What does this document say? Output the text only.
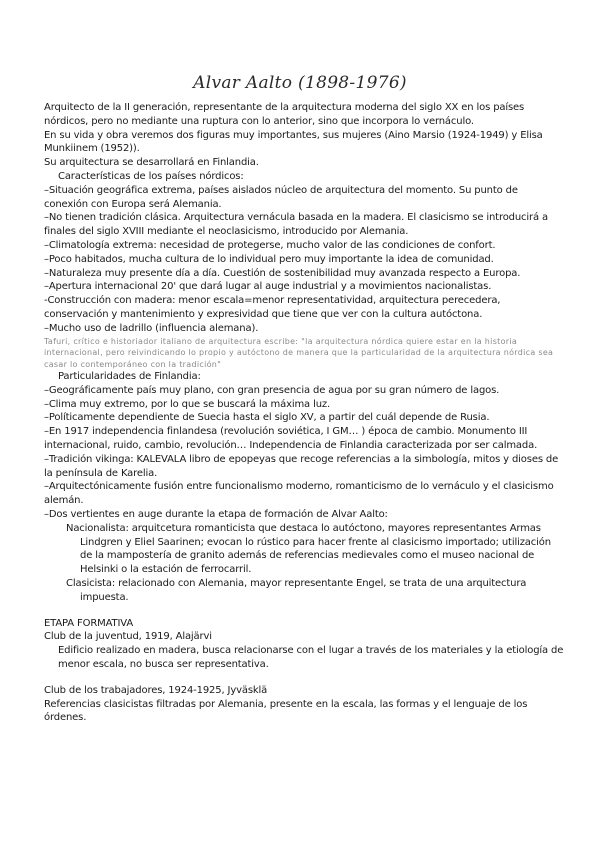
Alvar Aalto (1898-1976)

Arquitecto de la II generación, representante de la arquitectura moderna del siglo XX en los países nórdicos, pero no mediante una ruptura con lo anterior, sino que incorpora lo vernáculo.

En su vida y obra veremos dos figuras muy importantes, sus mujeres (Aino Marsio (1924-1949) y Elisa Munkiinem (1952)).

Su arquitectura se desarrollará en Finlandia.

Características de los países nórdicos:

–Situación geográfica extrema, países aislados núcleo de arquitectura del momento. Su punto de conexión con Europa será Alemania.

–No tienen tradición clásica. Arquitectura vernácula basada en la madera. El clasicismo se introducirá a finales del siglo XVIII mediante el neoclasicismo, introducido por Alemania.

–Climatología extrema: necesidad de protegerse, mucho valor de las condiciones de confort.

–Poco habitados, mucha cultura de lo individual pero muy importante la idea de comunidad.

–Naturaleza muy presente día a día. Cuestión de sostenibilidad muy avanzada respecto a Europa.

–Apertura internacional 20' que dará lugar al auge industrial y a movimientos nacionalistas.

-Construcción con madera: menor escala=menor representatividad, arquitectura perecedera, conservación y mantenimiento y expresividad que tiene que ver con la cultura autóctona.

–Mucho uso de ladrillo (influencia alemana).

Tafuri, crítico e historiador italiano de arquitectura escribe: "la arquitectura nórdica quiere estar en la historia internacional, pero reivindicando lo propio y autóctono de manera que la particularidad de la arquitectura nórdica sea casar lo contemporáneo con la tradición"

Particularidades de Finlandia:

–Geográficamente país muy plano, con gran presencia de agua por su gran número de lagos.

–Clima muy extremo, por lo que se buscará la máxima luz.

–Políticamente dependiente de Suecia hasta el siglo XV, a partir del cuál depende de Rusia.

–En 1917 independencia finlandesa (revolución soviética, I GM… ) época de cambio. Monumento III internacional, ruido, cambio, revolución… Independencia de Finlandia caracterizada por ser calmada.

–Tradición vikinga: KALEVALA libro de epopeyas que recoge referencias a la simbología, mitos y dioses de la península de Karelia.

–Arquitectónicamente fusión entre funcionalismo moderno, romanticismo de lo vernáculo y el clasicismo alemán.

–Dos vertientes en auge durante la etapa de formación de Alvar Aalto:

Nacionalista: arquitcetura romanticista que destaca lo autóctono, mayores representantes Armas Lindgren y Eliel Saarinen; evocan lo rústico para hacer frente al clasicismo importado; utilización de la mampostería de granito además de referencias medievales como el museo nacional de Helsinki o la estación de ferrocarril.

Clasicista: relacionado con Alemania, mayor representante Engel, se trata de una arquitectura impuesta.

ETAPA FORMATIVA

Club de la juventud, 1919, Alajärvi

Edificio realizado en madera, busca relacionarse con el lugar a través de los materiales y la etiología de menor escala, no busca ser representativa.

Club de los trabajadores, 1924-1925, Jyväsklä

Referencias clasicistas filtradas por Alemania, presente en la escala, las formas y el lenguaje de los órdenes.
